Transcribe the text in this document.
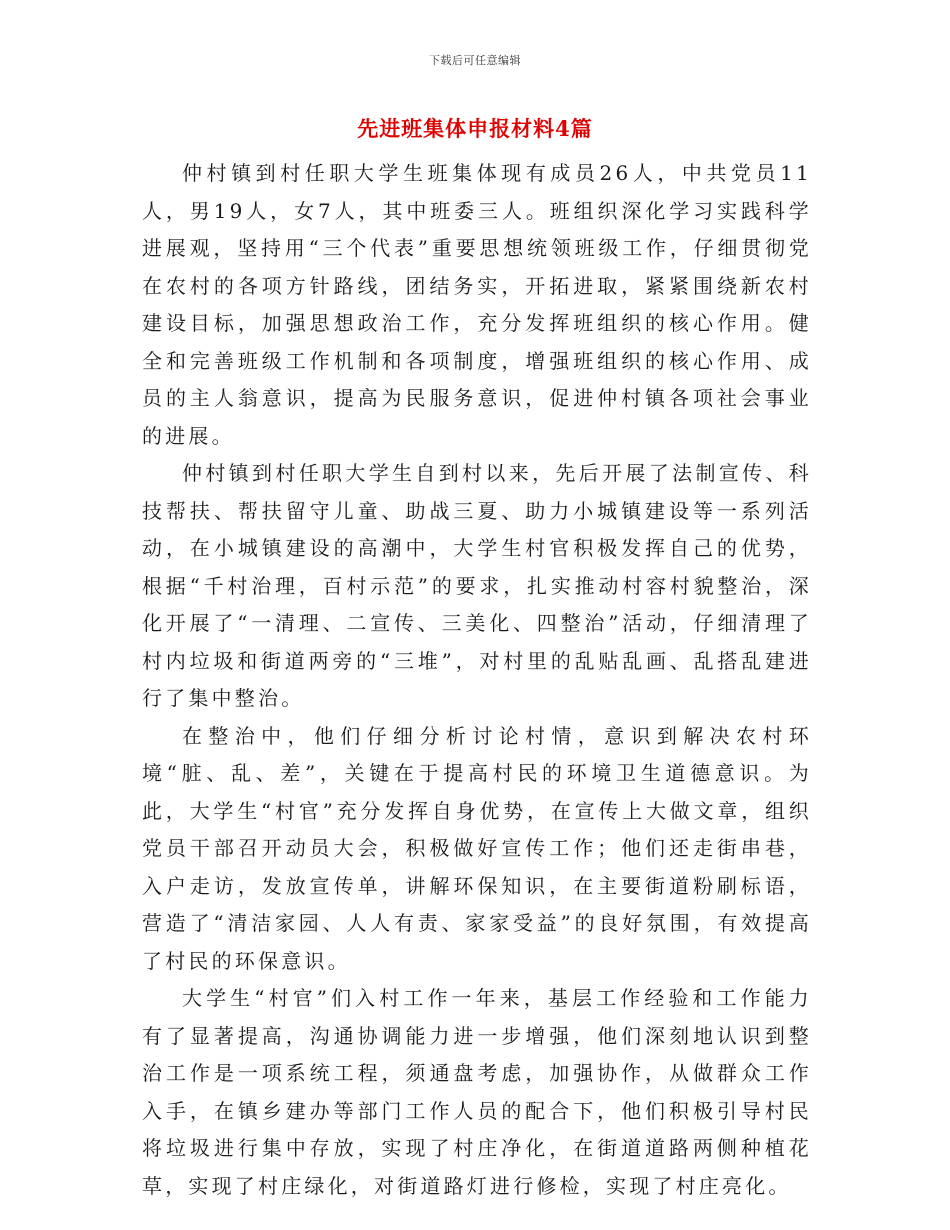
下载后可任意编辑
先进班集体申报材料4篇

仲村镇到村任职大学生班集体现有成员26人，中共党员11人，男19人，女7人，其中班委三人。班组织深化学习实践科学进展观，坚持用“三个代表”重要思想统领班级工作，仔细贯彻党在农村的各项方针路线，团结务实，开拓进取，紧紧围绕新农村建设目标，加强思想政治工作，充分发挥班组织的核心作用。健全和完善班级工作机制和各项制度，增强班组织的核心作用、成员的主人翁意识，提高为民服务意识，促进仲村镇各项社会事业的进展。

仲村镇到村任职大学生自到村以来，先后开展了法制宣传、科技帮扶、帮扶留守儿童、助战三夏、助力小城镇建设等一系列活动，在小城镇建设的高潮中，大学生村官积极发挥自己的优势，根据“千村治理，百村示范”的要求，扎实推动村容村貌整治，深化开展了“一清理、二宣传、三美化、四整治”活动，仔细清理了村内垃圾和街道两旁的“三堆”，对村里的乱贴乱画、乱搭乱建进行了集中整治。

在整治中，他们仔细分析讨论村情，意识到解决农村环境“脏、乱、差”，关键在于提高村民的环境卫生道德意识。为此，大学生“村官”充分发挥自身优势，在宣传上大做文章，组织党员干部召开动员大会，积极做好宣传工作；他们还走街串巷，入户走访，发放宣传单，讲解环保知识，在主要街道粉刷标语，营造了“清洁家园、人人有责、家家受益”的良好氛围，有效提高了村民的环保意识。

大学生“村官”们入村工作一年来，基层工作经验和工作能力有了显著提高，沟通协调能力进一步增强，他们深刻地认识到整治工作是一项系统工程，须通盘考虑，加强协作，从做群众工作入手，在镇乡建办等部门工作人员的配合下，他们积极引导村民将垃圾进行集中存放，实现了村庄净化，在街道道路两侧种植花草，实现了村庄绿化，对街道路灯进行修检，实现了村庄亮化。
